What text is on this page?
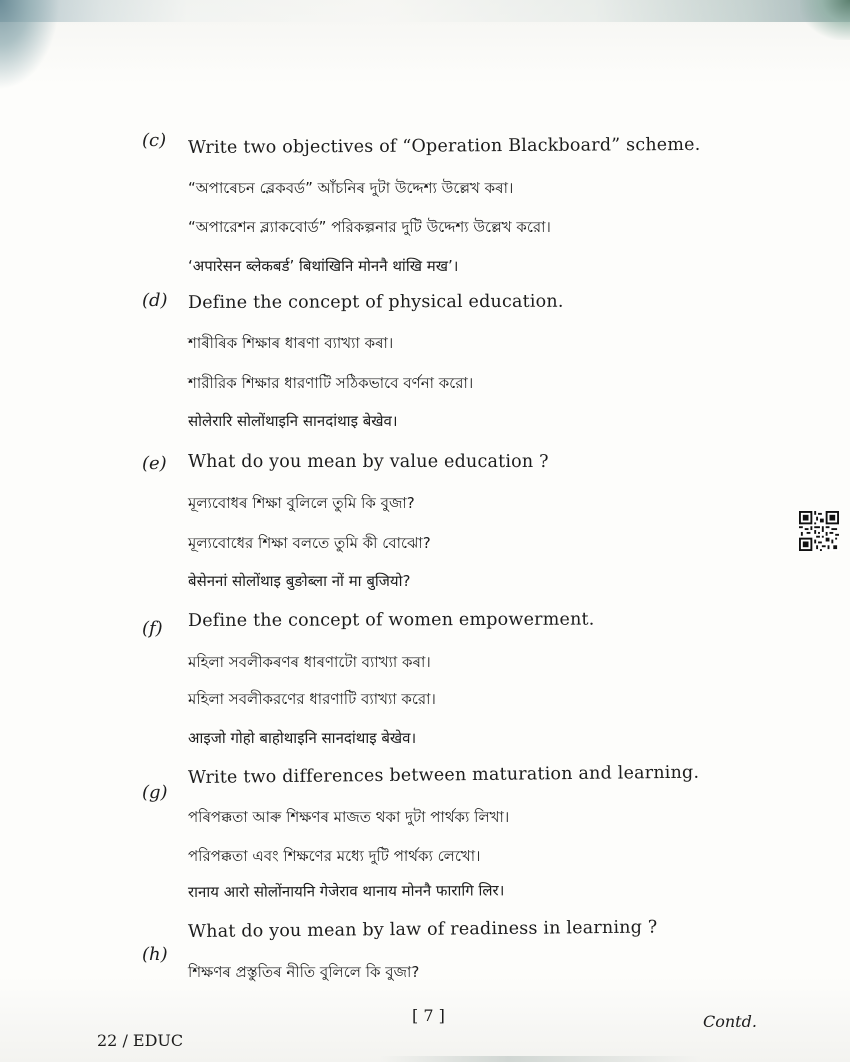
(c) Write two objectives of “Operation Blackboard” scheme.
“অপাৰেচন ব্লেকবৰ্ড” আঁচনিৰ দুটা উদ্দেশ্য উল্লেখ কৰা।
“অপারেশন ব্ল্যাকবোর্ড” পরিকল্পনার দুটি উদ্দেশ্য উল্লেখ করো।
‘अपारेसन ब्लेकबर्ड’ बिथांखिनि मोननै थांखि मख’।
(d) Define the concept of physical education.
শাৰীৰিক শিক্ষাৰ ধাৰণা ব্যাখ্যা কৰা।
শারীরিক শিক্ষার ধারণাটি সঠিকভাবে বর্ণনা করো।
सोलेरारि सोलोंथाइनि सानदांथाइ बेखेव।
(e) What do you mean by value education ?
মূল্যবোধৰ শিক্ষা বুলিলে তুমি কি বুজা?
মূল্যবোধের শিক্ষা বলতে তুমি কী বোঝো?
बेसेननां सोलोंथाइ बुङोब्ला नों मा बुजियो?
(f) Define the concept of women empowerment.
মহিলা সবলীকৰণৰ ধাৰণাটো ব্যাখ্যা কৰা।
মহিলা সবলীকরণের ধারণাটি ব্যাখ্যা করো।
आइजो गोहो बाहोथाइनि सानदांथाइ बेखेव।
(g)
Write two differences between maturation and learning.
পৰিপক্কতা আৰু শিক্ষণৰ মাজত থকা দুটা পাৰ্থক্য লিখা।
পরিপক্কতা এবং শিক্ষণের মধ্যে দুটি পার্থক্য লেখো।
रानाय आरो सोलोंनायनि गेजेराव थानाय मोननै फारागि लिर।
(h)
What do you mean by law of readiness in learning ?
শিক্ষণৰ প্ৰস্তুতিৰ নীতি বুলিলে কি বুজা?
[ 7 ]	Contd.
22 / EDUC
